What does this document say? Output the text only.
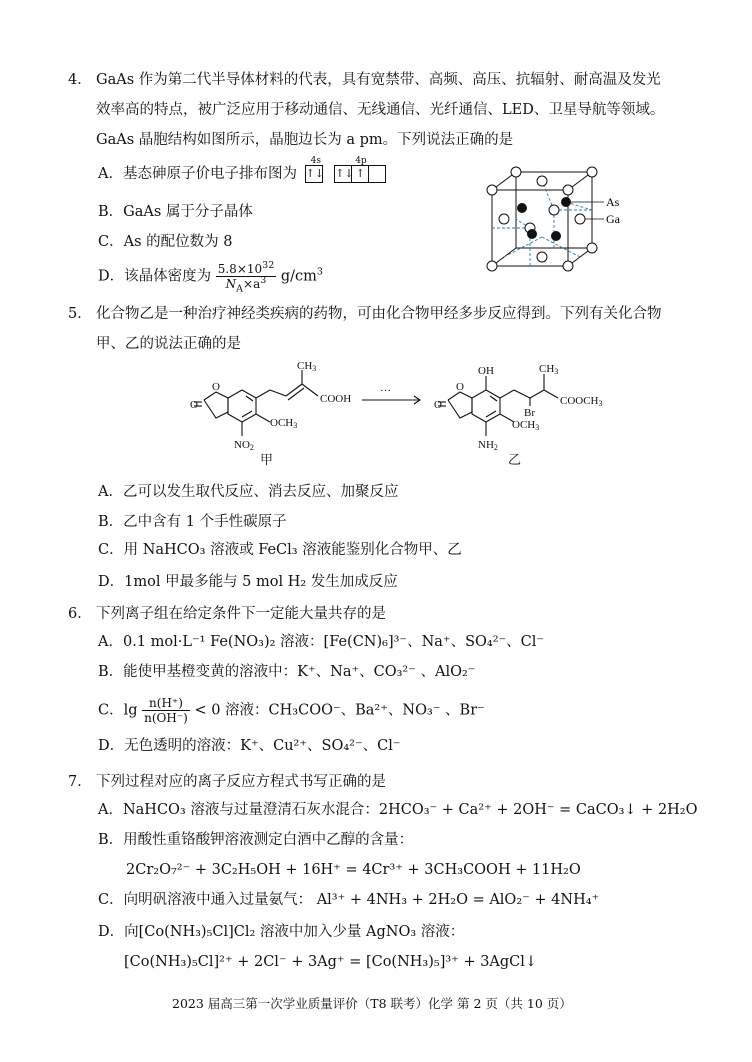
4． GaAs 作为第二代半导体材料的代表，具有宽禁带、高频、高压、抗辐射、耐高温及发光
效率高的特点，被广泛应用于移动通信、无线通信、光纤通信、LED、卫星导航等领域。
GaAs 晶胞结构如图所示，晶胞边长为 a pm。下列说法正确的是
A．基态砷原子价电子排布图为
4s
↑↓
4p
↑↓ ↑
B．GaAs 属于分子晶体
C．As 的配位数为 8
D．该晶体密度为 $\frac{5.8\times 10^{32}}{N_A\times a^3} g/cm^3$
As
Ga
5． 化合物乙是一种治疗神经类疾病的药物，可由化合物甲经多步反应得到。下列有关化合物
甲、乙的说法正确的是
O
O
CH3
COOH
OCH3
NO2
甲
···
O
O
OH	CH3
COOCH3
Br
OCH3
NH2
乙
A．乙可以发生取代反应、消去反应、加聚反应
B．乙中含有 1 个手性碳原子
C．用 NaHCO₃ 溶液或 FeCl₃ 溶液能鉴别化合物甲、乙
D．1mol 甲最多能与 5 mol H₂ 发生加成反应
6． 下列离子组在给定条件下一定能大量共存的是
A．0.1 mol·L⁻¹ Fe(NO₃)₂ 溶液：[Fe(CN)₆]³⁻、Na⁺、SO₄²⁻、Cl⁻
B．能使甲基橙变黄的溶液中：K⁺、Na⁺、CO₃²⁻ 、AlO₂⁻
C．$\lg \frac{n(H^+)}{n(OH^-)} < 0$ 溶液：CH₃COO⁻、Ba²⁺、NO₃⁻ 、Br⁻
D．无色透明的溶液：K⁺、Cu²⁺、SO₄²⁻、Cl⁻
7． 下列过程对应的离子反应方程式书写正确的是
A．NaHCO₃ 溶液与过量澄清石灰水混合：2HCO₃⁻ + Ca²⁺ + 2OH⁻ = CaCO₃↓ + 2H₂O
B．用酸性重铬酸钾溶液测定白酒中乙醇的含量：
2Cr₂O₇²⁻ + 3C₂H₅OH + 16H⁺ = 4Cr³⁺ + 3CH₃COOH + 11H₂O
C．向明矾溶液中通入过量氨气： Al³⁺ + 4NH₃ + 2H₂O = AlO₂⁻ + 4NH₄⁺
D．向[Co(NH₃)₅Cl]Cl₂ 溶液中加入少量 AgNO₃ 溶液：
[Co(NH₃)₅Cl]²⁺ + 2Cl⁻ + 3Ag⁺ = [Co(NH₃)₅]³⁺ + 3AgCl↓
2023 届高三第一次学业质量评价（T8 联考）化学 第 2 页（共 10 页）
